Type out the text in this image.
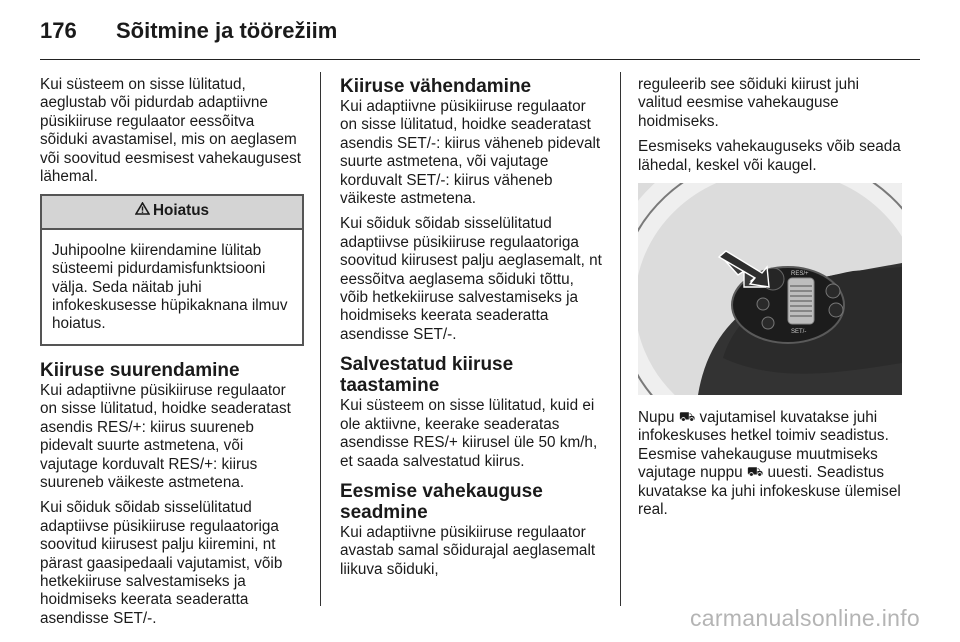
176	Sõitmine ja töörežiim

Kui süsteem on sisse lülitatud, aeglustab või pidurdab adaptiivne püsikiiruse regulaator eessõitva sõiduki avastamisel, mis on aeglasem või soovitud eesmisest vahekaugusest lähemal.

Hoiatus
Juhipoolne kiirendamine lülitab süsteemi pidurdamisfunktsiooni välja. Seda näitab juhi infokeskusesse hüpikaknana ilmuv hoiatus.
Kiiruse suurendamine

Kui adaptiivne püsikiiruse regulaator on sisse lülitatud, hoidke seaderatast asendis RES/+: kiirus suureneb pidevalt suurte astmetena, või vajutage korduvalt RES/+: kiirus suureneb väikeste astmetena.

Kui sõiduk sõidab sisselülitatud adaptiivse püsikiiruse regulaatoriga soovitud kiirusest palju kiiremini, nt pärast gaasipedaali vajutamist, võib hetkekiiruse salvestamiseks ja hoidmiseks keerata seaderatta asendisse SET/-.

Kiiruse vähendamine

Kui adaptiivne püsikiiruse regulaator on sisse lülitatud, hoidke seaderatast asendis SET/-: kiirus väheneb pidevalt suurte astmetena, või vajutage korduvalt SET/-: kiirus väheneb väikeste astmetena.

Kui sõiduk sõidab sisselülitatud adaptiivse püsikiiruse regulaatoriga soovitud kiirusest palju aeglasemalt, nt eessõitva aeglasema sõiduki tõttu, võib hetkekiiruse salvestamiseks ja hoidmiseks keerata seaderatta asendisse SET/-.

Salvestatud kiiruse taastamine

Kui süsteem on sisse lülitatud, kuid ei ole aktiivne, keerake seaderatas asendisse RES/+ kiirusel üle 50 km/h, et saada salvestatud kiirus.

Eesmise vahekauguse seadmine

Kui adaptiivne püsikiiruse regulaator avastab samal sõidurajal aeglasemalt liikuva sõiduki,

reguleerib see sõiduki kiirust juhi valitud eesmise vahekauguse hoidmiseks.

Eesmiseks vahekauguseks võib seada lähedal, keskel või kaugel.

RES/+
SET/-

Nupu ⛟ vajutamisel kuvatakse juhi infokeskuses hetkel toimiv seadistus. Eesmise vahekauguse muutmiseks vajutage nuppu ⛟ uuesti. Seadistus kuvatakse ka juhi infokeskuse ülemisel real.

carmanualsonline.info
